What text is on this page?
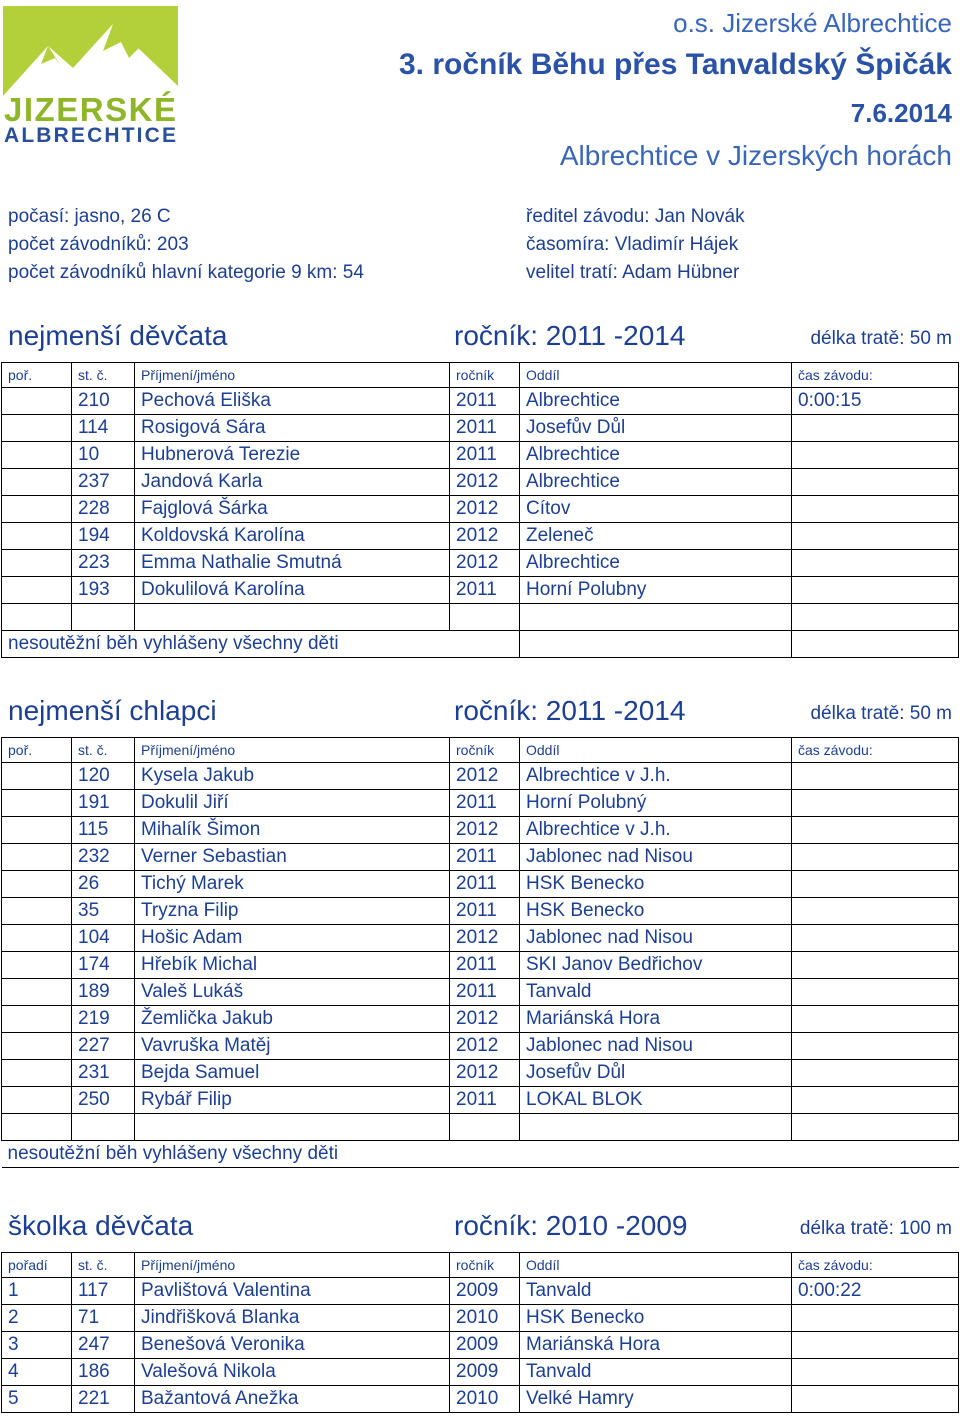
JIZERSKÉ
ALBRECHTICE
o.s. Jizerské Albrechtice
3. ročník Běhu přes Tanvaldský Špičák
7.6.2014
Albrechtice v Jizerských horách
počasí: jasno, 26 C
počet závodníků: 203
počet závodníků hlavní kategorie 9 km: 54
ředitel závodu: Jan Novák
časomíra: Vladimír Hájek
velitel tratí: Adam Hübner
nejmenší děvčata	ročník: 2011 -2014	délka tratě: 50 m
poř.	st. č.	Příjmení/jméno	ročník	Oddíl	čas závodu:
	210	Pechová Eliška	2011	Albrechtice	0:00:15
	114	Rosigová Sára	2011	Josefův Důl	
	10	Hubnerová Terezie	2011	Albrechtice	
	237	Jandová Karla	2012	Albrechtice	
	228	Fajglová Šárka	2012	Cítov	
	194	Koldovská Karolína	2012	Zeleneč	
	223	Emma Nathalie Smutná	2012	Albrechtice	
	193	Dokulilová Karolína	2011	Horní Polubny	

nesoutěžní běh vyhlášeny všechny děti					
nejmenší chlapci	ročník: 2011 -2014	délka tratě: 50 m
poř.	st. č.	Příjmení/jméno	ročník	Oddíl	čas závodu:
	120	Kysela Jakub	2012	Albrechtice v J.h.	
	191	Dokulil Jiří	2011	Horní Polubný	
	115	Mihalík Šimon	2012	Albrechtice v J.h.	
	232	Verner Sebastian	2011	Jablonec nad Nisou	
	26	Tichý Marek	2011	HSK Benecko	
	35	Tryzna Filip	2011	HSK Benecko	
	104	Hošic Adam	2012	Jablonec nad Nisou	
	174	Hřebík Michal	2011	SKI Janov Bedřichov	
	189	Valeš Lukáš	2011	Tanvald	
	219	Žemlička Jakub	2012	Mariánská Hora	
	227	Vavruška Matěj	2012	Jablonec nad Nisou	
	231	Bejda Samuel	2012	Josefův Důl	
	250	Rybář Filip	2011	LOKAL BLOK	

nesoutěžní běh vyhlášeny všechny děti					
školka děvčata	ročník: 2010 -2009	délka tratě: 100 m
pořadí	st. č.	Příjmení/jméno	ročník	Oddíl	čas závodu:
1	117	Pavlištová Valentina	2009	Tanvald	0:00:22
2	71	Jindřišková Blanka	2010	HSK Benecko	
3	247	Benešová Veronika	2009	Mariánská Hora	
4	186	Valešová Nikola	2009	Tanvald	
5	221	Bažantová Anežka	2010	Velké Hamry	
